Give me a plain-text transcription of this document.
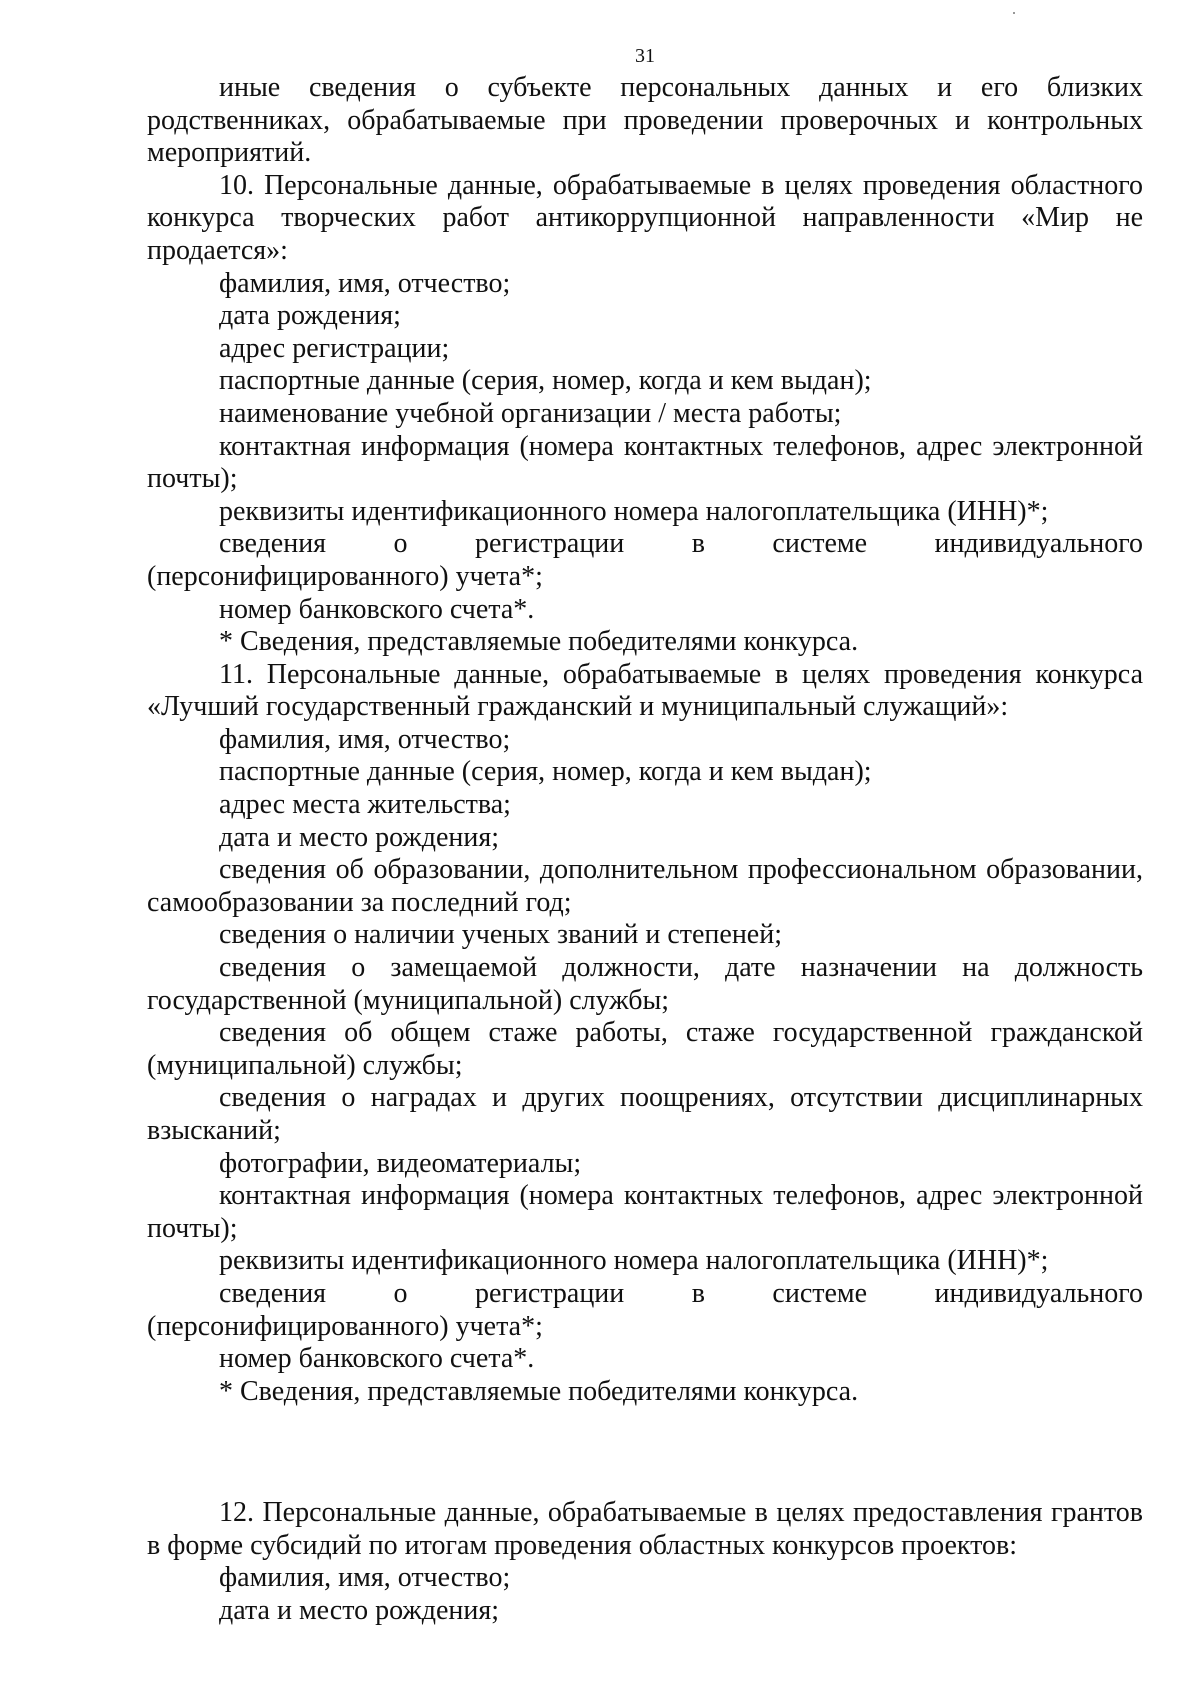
31

иные сведения о субъекте персональных данных и его близких родственниках, обрабатываемые при проведении проверочных и контрольных мероприятий.

10. Персональные данные, обрабатываемые в целях проведения областного конкурса творческих работ антикоррупционной направленности «Мир не продается»:

фамилия, имя, отчество;

дата рождения;

адрес регистрации;

паспортные данные (серия, номер, когда и кем выдан);

наименование учебной организации / места работы;

контактная информация (номера контактных телефонов, адрес электронной почты);

реквизиты идентификационного номера налогоплательщика (ИНН)*;

сведения о регистрации в системе индивидуального (персонифицированного) учета*;

номер банковского счета*.

* Сведения, представляемые победителями конкурса.

11. Персональные данные, обрабатываемые в целях проведения конкурса «Лучший государственный гражданский и муниципальный служащий»:

фамилия, имя, отчество;

паспортные данные (серия, номер, когда и кем выдан);

адрес места жительства;

дата и место рождения;

сведения об образовании, дополнительном профессиональном образовании, самообразовании за последний год;

сведения о наличии ученых званий и степеней;

сведения о замещаемой должности, дате назначении на должность государственной (муниципальной) службы;

сведения об общем стаже работы, стаже государственной гражданской (муниципальной) службы;

сведения о наградах и других поощрениях, отсутствии дисциплинарных взысканий;

фотографии, видеоматериалы;

контактная информация (номера контактных телефонов, адрес электронной почты);

реквизиты идентификационного номера налогоплательщика (ИНН)*;

сведения о регистрации в системе индивидуального (персонифицированного) учета*;

номер банковского счета*.

* Сведения, представляемые победителями конкурса.

12. Персональные данные, обрабатываемые в целях предоставления грантов в форме субсидий по итогам проведения областных конкурсов проектов:

фамилия, имя, отчество;

дата и место рождения;
